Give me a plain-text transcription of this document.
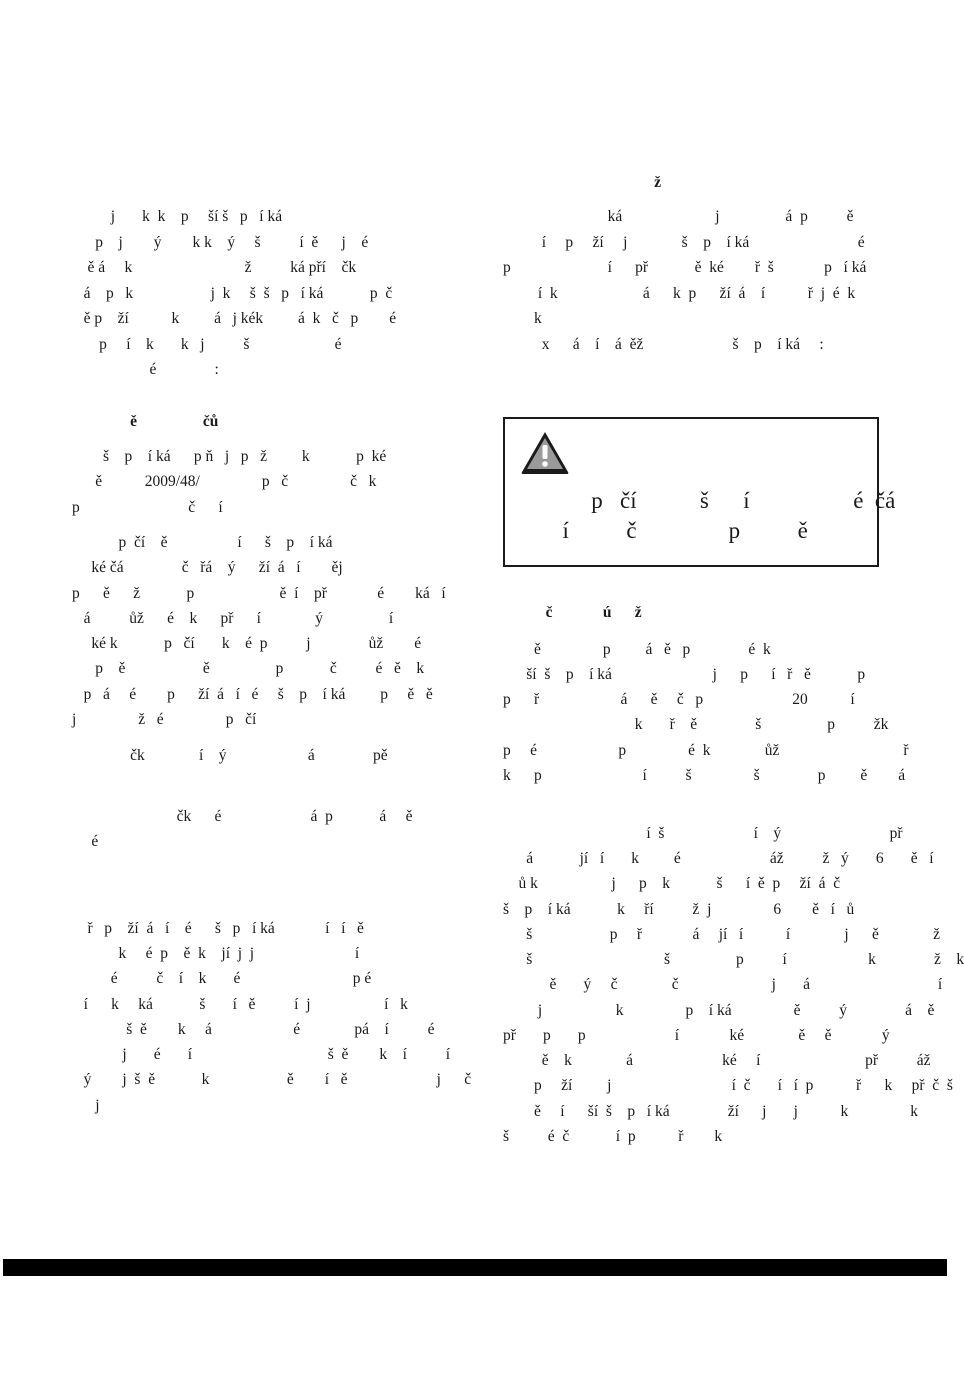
j       k  k    p     ší š   p   í ká
p    j        ý        k k    ý     š          í  ě      j    é
ě á     k                             ž          ká pří    čk
á    p   k                    j  k     š  š   p   í ká            p  č
ě p    ží           k         á   j kék         á  k   č   p        é
p     í    k       k   j          š                      é
é               :
ě                 čů
š    p    í ká      p ň   j   p   ž         k            p  ké
ě           2009/48/                p   č                č   k
p                            č      í
p  čí    ě                  í      š    p    í ká
ké čá               č   řá    ý      ží  á   í        ěj
p      ě      ž            p                      ě  í    př             é        ká   í
á          ůž      é    k      př      í              ý                 í
ké k            p   čí       k    é  p          j               ůž        é
p    ě                    ě                 p            č          é   ě    k
p   á     é        p      ží  á   í   é     š    p    í ká         p     ě   ě
j                ž   é                p   čí
čk              í    ý                     á               pě
čk      é                       á  p            á     ě
é
ř   p    ží  á   í    é      š   p   í ká             í   í   ě
k     é  p    ě  k    jí  j  j                          í
é          č    í    k       é                             p é
í      k     ká            š       í   ě          í  j                   í   k
š  ě        k     á                     é              pá    í          é
j       é       í                                   š  ě        k    í          í
ý        j  š  ě            k                    ě        í   ě                       j      č
j
ž
ká                        j                 á  p          ě
í     p     ží     j              š    p    í ká                            é
p                         í      př            ě  ké        ř  š             p   í ká
í  k                      á      k  p      ží  á    í           ř  j  é  k
k
x      á    í    á  ěž                       š    p    í ká     :
č             ú      ž
ě                p         á   ě   p               é  k
ší  š    p    í ká                          j      p      í   ř   ě            p
p      ř                     á      ě     č   p                       20           í
k       ř    ě               š                 p          žk
p     é                     p                é  k              ůž                                ř
k      p                          í          š                š               p         ě        á
í  š                       í    ý                            př
á            jí   í       k         é                       áž          ž   ý       6       ě   í
ů k                   j      p    k            š      í  ě  p     ží  á  č
š    p    í ká            k     ří          ž  j                6        ě   í   ů
š                    p     ř             á     jí   í           í              j      ě              ž
š                                  š                 p          í                     k               ž    k
ě       ý     č              č                        j       á                                 í
j                   k                p    í ká                ě          ý               á    ě
př       p       p                       í             ké              ě     ě             ý
ě    k              á                       ké     í                           př          áž
p     ží         j                               í  č       í   í  p           ř      k     př  č  š
ě     í      ší  š    p   í ká               ží      j       j           k                k
š          é  č            í  p           ř        k
p   čí           š      í                  é  čá
í          č                p          ě
